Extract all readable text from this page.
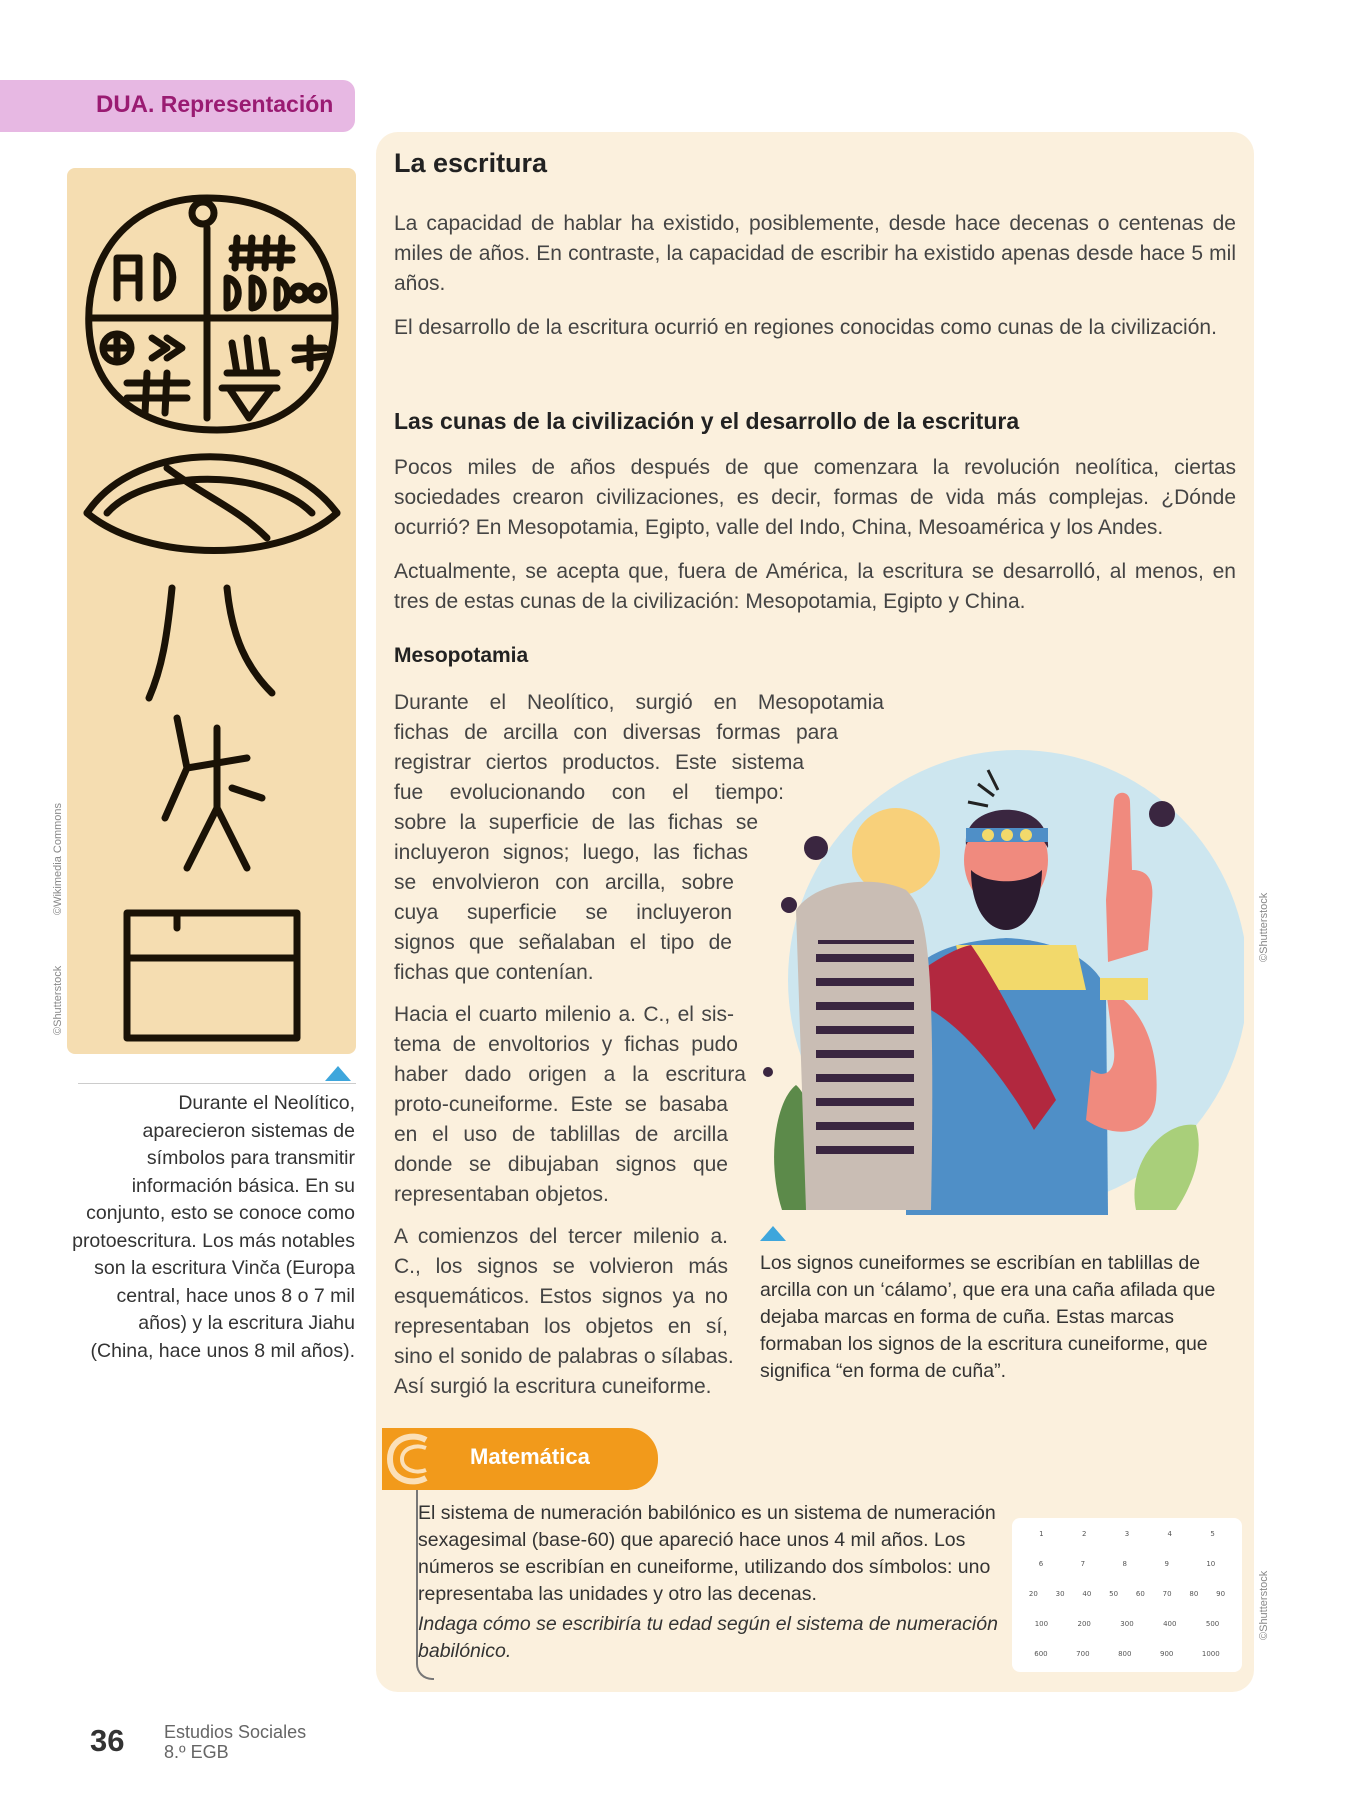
DUA. Representación
©Shutterstock
©Wikimedia Commons
Durante el Neolítico, aparecieron sistemas de símbolos para transmitir información básica. En su conjunto, esto se conoce como protoescritura. Los más notables son la escritura Vinča (Europa central, hace unos 8 o 7 mil años) y la escritura Jiahu (China, hace unos 8 mil años).
La escritura
La capacidad de hablar ha existido, posiblemente, desde hace decenas o centenas de miles de años. En contraste, la capacidad de escribir ha existido apenas desde hace 5 mil años.
El desarrollo de la escritura ocurrió en regiones conocidas como cunas de la civilización.
Las cunas de la civilización y el desarrollo de la escritura
Pocos miles de años después de que comenzara la revolución neolítica, ciertas sociedades crearon civilizaciones, es decir, formas de vida más complejas. ¿Dónde ocurrió? En Mesopotamia, Egipto, valle del Indo, China, Mesoamérica y los Andes.
Actualmente, se acepta que, fuera de América, la escritura se desarrolló, al menos, en tres de estas cunas de la civilización: Mesopotamia, Egipto y China.
Mesopotamia
Durante el Neolítico, surgió en Mesopotamia
fichas de arcilla con diversas formas para
registrar ciertos productos. Este sistema
fue evolucionando con el tiempo:
sobre la superficie de las fichas se
incluyeron signos; luego, las fichas
se envolvieron con arcilla, sobre
cuya superficie se incluyeron
signos que señalaban el tipo de
fichas que contenían.
Hacia el cuarto milenio a. C., el sis-
tema de envoltorios y fichas pudo
haber dado origen a la escritura
proto-cuneiforme. Este se basaba
en el uso de tablillas de arcilla
donde se dibujaban signos que
representaban objetos.
A comienzos del tercer milenio a.
C., los signos se volvieron más
esquemáticos. Estos signos ya no
representaban los objetos en sí,
sino el sonido de palabras o sílabas.
Así surgió la escritura cuneiforme.
©Shutterstock
Los signos cuneiformes se escribían en tablillas de arcilla con un ‘cálamo’, que era una caña afilada que dejaba marcas en forma de cuña. Estas marcas formaban los signos de la escritura cuneiforme, que significa “en forma de cuña”.
Matemática
El sistema de numeración babilónico es un sistema de numeración sexagesimal (base-60) que apareció hace unos 4 mil años. Los números se escribían en cuneiforme, utilizando dos símbolos: uno representaba las unidades y otro las decenas.
Indaga cómo se escribiría tu edad según el sistema de numeración babilónico.
1	2	3	4	5
6	7	8	9	10
20	30	40	50	60	70	80	90
100	200	300	400	500
600	700	800	900	1000
©Shutterstock
36 Estudios Sociales
8.º EGB
